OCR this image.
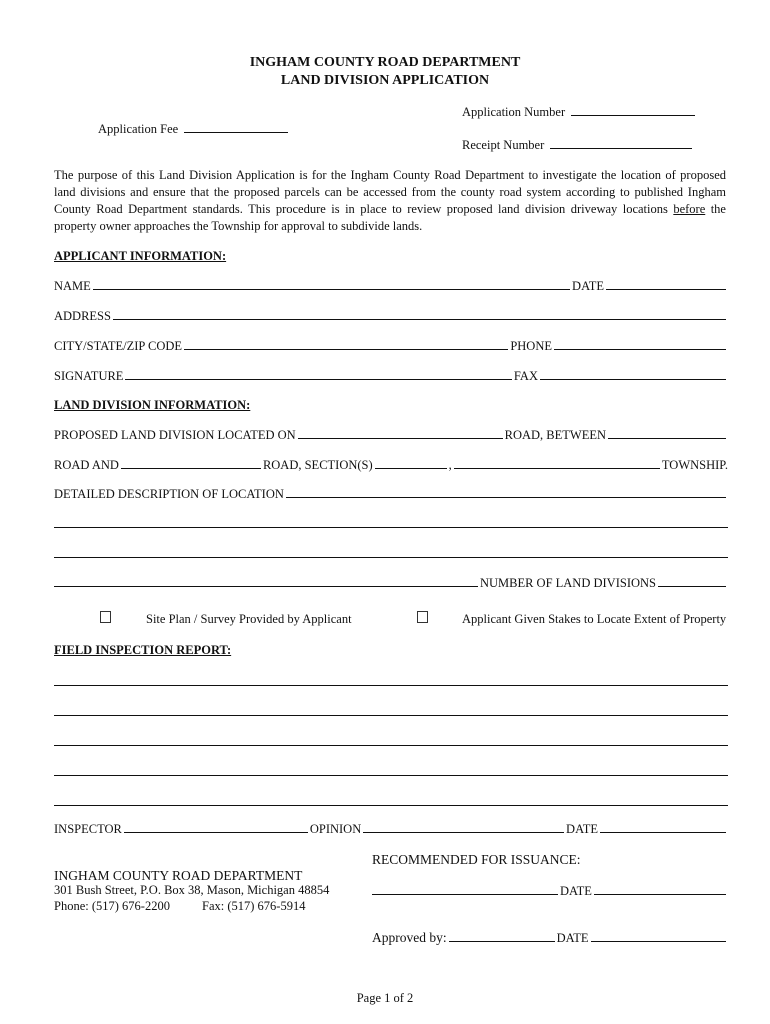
INGHAM COUNTY ROAD DEPARTMENT
LAND DIVISION APPLICATION
Application Number
Application Fee
Receipt Number
The purpose of this Land Division Application is for the Ingham County Road Department to investigate the location of proposed land divisions and ensure that the proposed parcels can be accessed from the county road system according to published Ingham County Road Department standards. This procedure is in place to review proposed land division driveway locations before the property owner approaches the Township for approval to subdivide lands.
APPLICANT INFORMATION:
NAME	DATE
ADDRESS
CITY/STATE/ZIP CODE	PHONE
SIGNATURE	FAX
LAND DIVISION INFORMATION:
PROPOSED LAND DIVISION LOCATED ON	ROAD, BETWEEN
ROAD AND	ROAD, SECTION(S)	,	TOWNSHIP.
DETAILED DESCRIPTION OF LOCATION
NUMBER OF LAND DIVISIONS
Site Plan / Survey Provided by Applicant	Applicant Given Stakes to Locate Extent of Property
FIELD INSPECTION REPORT:
INSPECTOR	OPINION	DATE
RECOMMENDED FOR ISSUANCE:
INGHAM COUNTY ROAD DEPARTMENT
301 Bush Street, P.O. Box 38, Mason, Michigan 48854
Phone: (517) 676-2200	Fax: (517) 676-5914
DATE
Approved by:	DATE
Page 1 of 2
